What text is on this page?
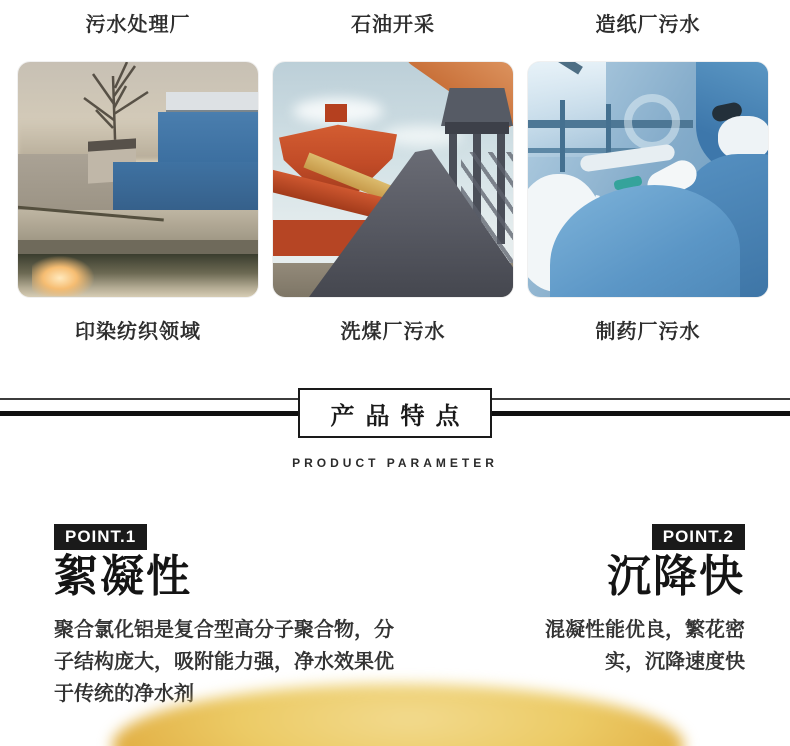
污水处理厂
印染纺织领域
石油开采
洗煤厂污水
造纸厂污水
制药厂污水
产品特点
PRODUCT PARAMETER
POINT.1
絮凝性
聚合氯化铝是复合型高分子聚合物，分
子结构庞大，吸附能力强，净水效果优
于传统的净水剂
POINT.2
沉降快
混凝性能优良，繁花密
实，沉降速度快
